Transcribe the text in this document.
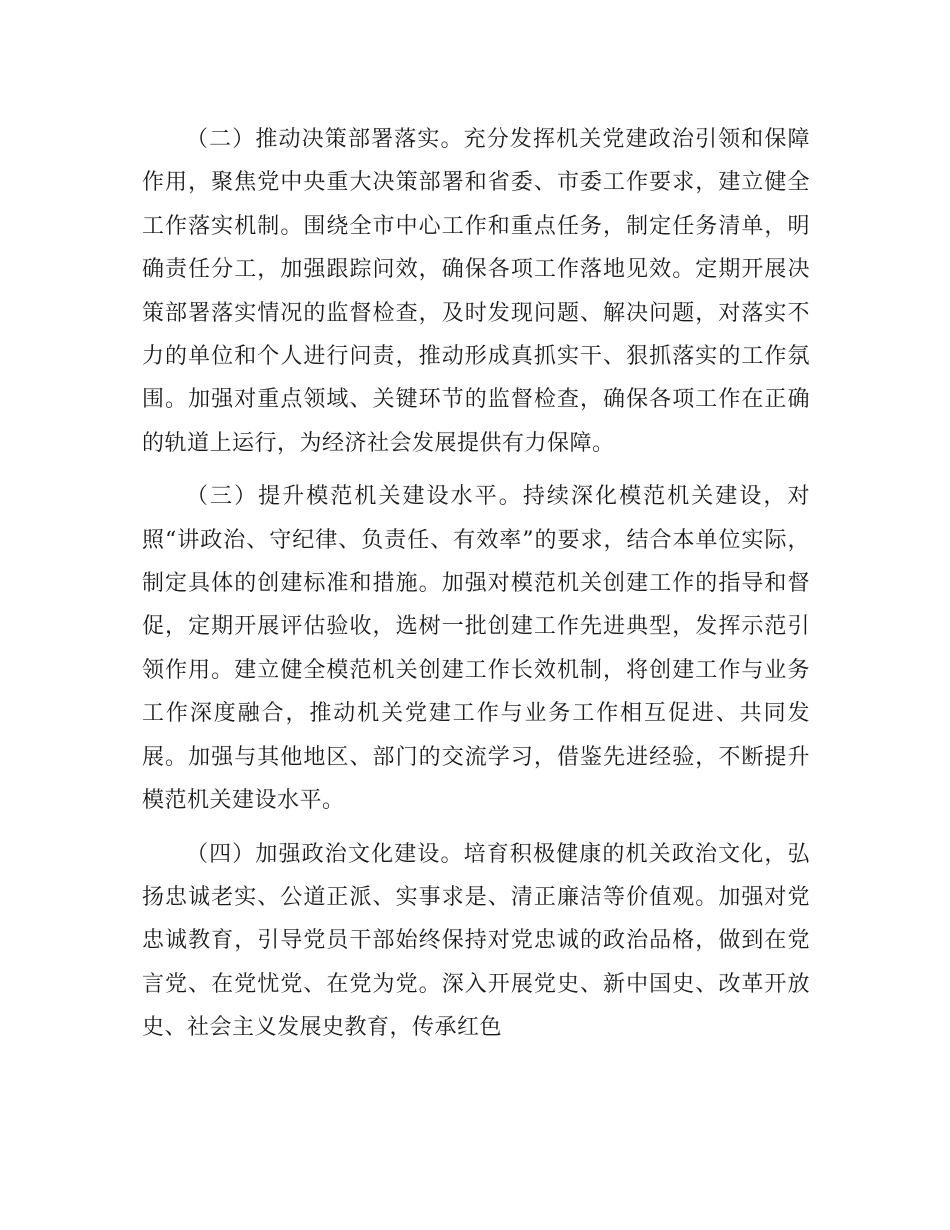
（二）推动决策部署落实。充分发挥机关党建政治引领和保障作用，聚焦党中央重大决策部署和省委、市委工作要求，建立健全工作落实机制。围绕全市中心工作和重点任务，制定任务清单，明确责任分工，加强跟踪问效，确保各项工作落地见效。定期开展决策部署落实情况的监督检查，及时发现问题、解决问题，对落实不力的单位和个人进行问责，推动形成真抓实干、狠抓落实的工作氛围。加强对重点领域、关键环节的监督检查，确保各项工作在正确的轨道上运行，为经济社会发展提供有力保障。

（三）提升模范机关建设水平。持续深化模范机关建设，对照“讲政治、守纪律、负责任、有效率”的要求，结合本单位实际，制定具体的创建标准和措施。加强对模范机关创建工作的指导和督促，定期开展评估验收，选树一批创建工作先进典型，发挥示范引领作用。建立健全模范机关创建工作长效机制，将创建工作与业务工作深度融合，推动机关党建工作与业务工作相互促进、共同发展。加强与其他地区、部门的交流学习，借鉴先进经验，不断提升模范机关建设水平。

（四）加强政治文化建设。培育积极健康的机关政治文化，弘扬忠诚老实、公道正派、实事求是、清正廉洁等价值观。加强对党忠诚教育，引导党员干部始终保持对党忠诚的政治品格，做到在党言党、在党忧党、在党为党。深入开展党史、新中国史、改革开放史、社会主义发展史教育，传承红色
